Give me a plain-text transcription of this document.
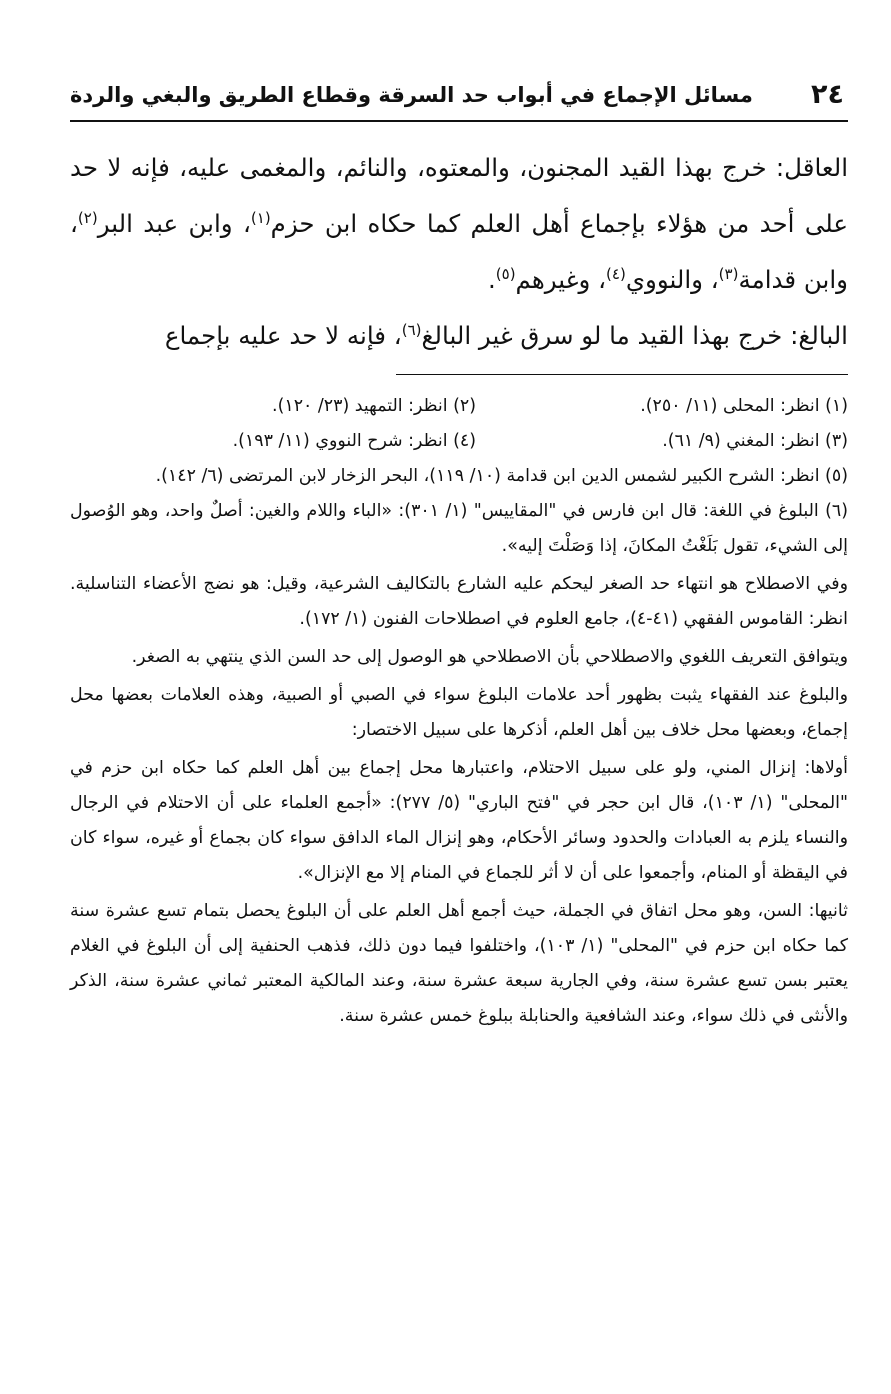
٢٤
مسائل الإجماع في أبواب حد السرقة وقطاع الطريق والبغي والردة

العاقل: خرج بهذا القيد المجنون، والمعتوه، والنائم، والمغمى عليه، فإنه لا حد على أحد من هؤلاء بإجماع أهل العلم كما حكاه ابن حزم$^{(١)}$، وابن عبد البر$^{(٢)}$، وابن قدامة$^{(٣)}$، والنووي$^{(٤)}$، وغيرهم$^{(٥)}$.

البالغ: خرج بهذا القيد ما لو سرق غير البالغ$^{(٦)}$، فإنه لا حد عليه بإجماع

(١) انظر: المحلى (١١/ ٢٥٠).
(٢) انظر: التمهيد (٢٣/ ١٢٠).
(٣) انظر: المغني (٩/ ٦١).
(٤) انظر: شرح النووي (١١/ ١٩٣).
(٥) انظر: الشرح الكبير لشمس الدين ابن قدامة (١٠/ ١١٩)، البحر الزخار لابن المرتضى (٦/ ١٤٢).

(٦) البلوغ في اللغة: قال ابن فارس في "المقاييس" (١/ ٣٠١): «الباء واللام والغين: أصلٌ واحد، وهو الوُصول إلى الشيء، تقول بَلَغْتُ المكانَ، إذا وَصَلْتَ إليه».

وفي الاصطلاح هو انتهاء حد الصغر ليحكم عليه الشارع بالتكاليف الشرعية، وقيل: هو نضج الأعضاء التناسلية. انظر: القاموس الفقهي (٤١-٤)، جامع العلوم في اصطلاحات الفنون (١/ ١٧٢).

ويتوافق التعريف اللغوي والاصطلاحي بأن الاصطلاحي هو الوصول إلى حد السن الذي ينتهي به الصغر.

والبلوغ عند الفقهاء يثبت بظهور أحد علامات البلوغ سواء في الصبي أو الصبية، وهذه العلامات بعضها محل إجماع، وبعضها محل خلاف بين أهل العلم، أذكرها على سبيل الاختصار:

أولاها: إنزال المني، ولو على سبيل الاحتلام، واعتبارها محل إجماع بين أهل العلم كما حكاه ابن حزم في "المحلى" (١/ ١٠٣)، قال ابن حجر في "فتح الباري" (٥/ ٢٧٧): «أجمع العلماء على أن الاحتلام في الرجال والنساء يلزم به العبادات والحدود وسائر الأحكام، وهو إنزال الماء الدافق سواء كان بجماع أو غيره، سواء كان في اليقظة أو المنام، وأجمعوا على أن لا أثر للجماع في المنام إلا مع الإنزال».

ثانيها: السن، وهو محل اتفاق في الجملة، حيث أجمع أهل العلم على أن البلوغ يحصل بتمام تسع عشرة سنة كما حكاه ابن حزم في "المحلى" (١/ ١٠٣)، واختلفوا فيما دون ذلك، فذهب الحنفية إلى أن البلوغ في الغلام يعتبر بسن تسع عشرة سنة، وفي الجارية سبعة عشرة سنة، وعند المالكية المعتبر ثماني عشرة سنة، الذكر والأنثى في ذلك سواء، وعند الشافعية والحنابلة ببلوغ خمس عشرة سنة.
